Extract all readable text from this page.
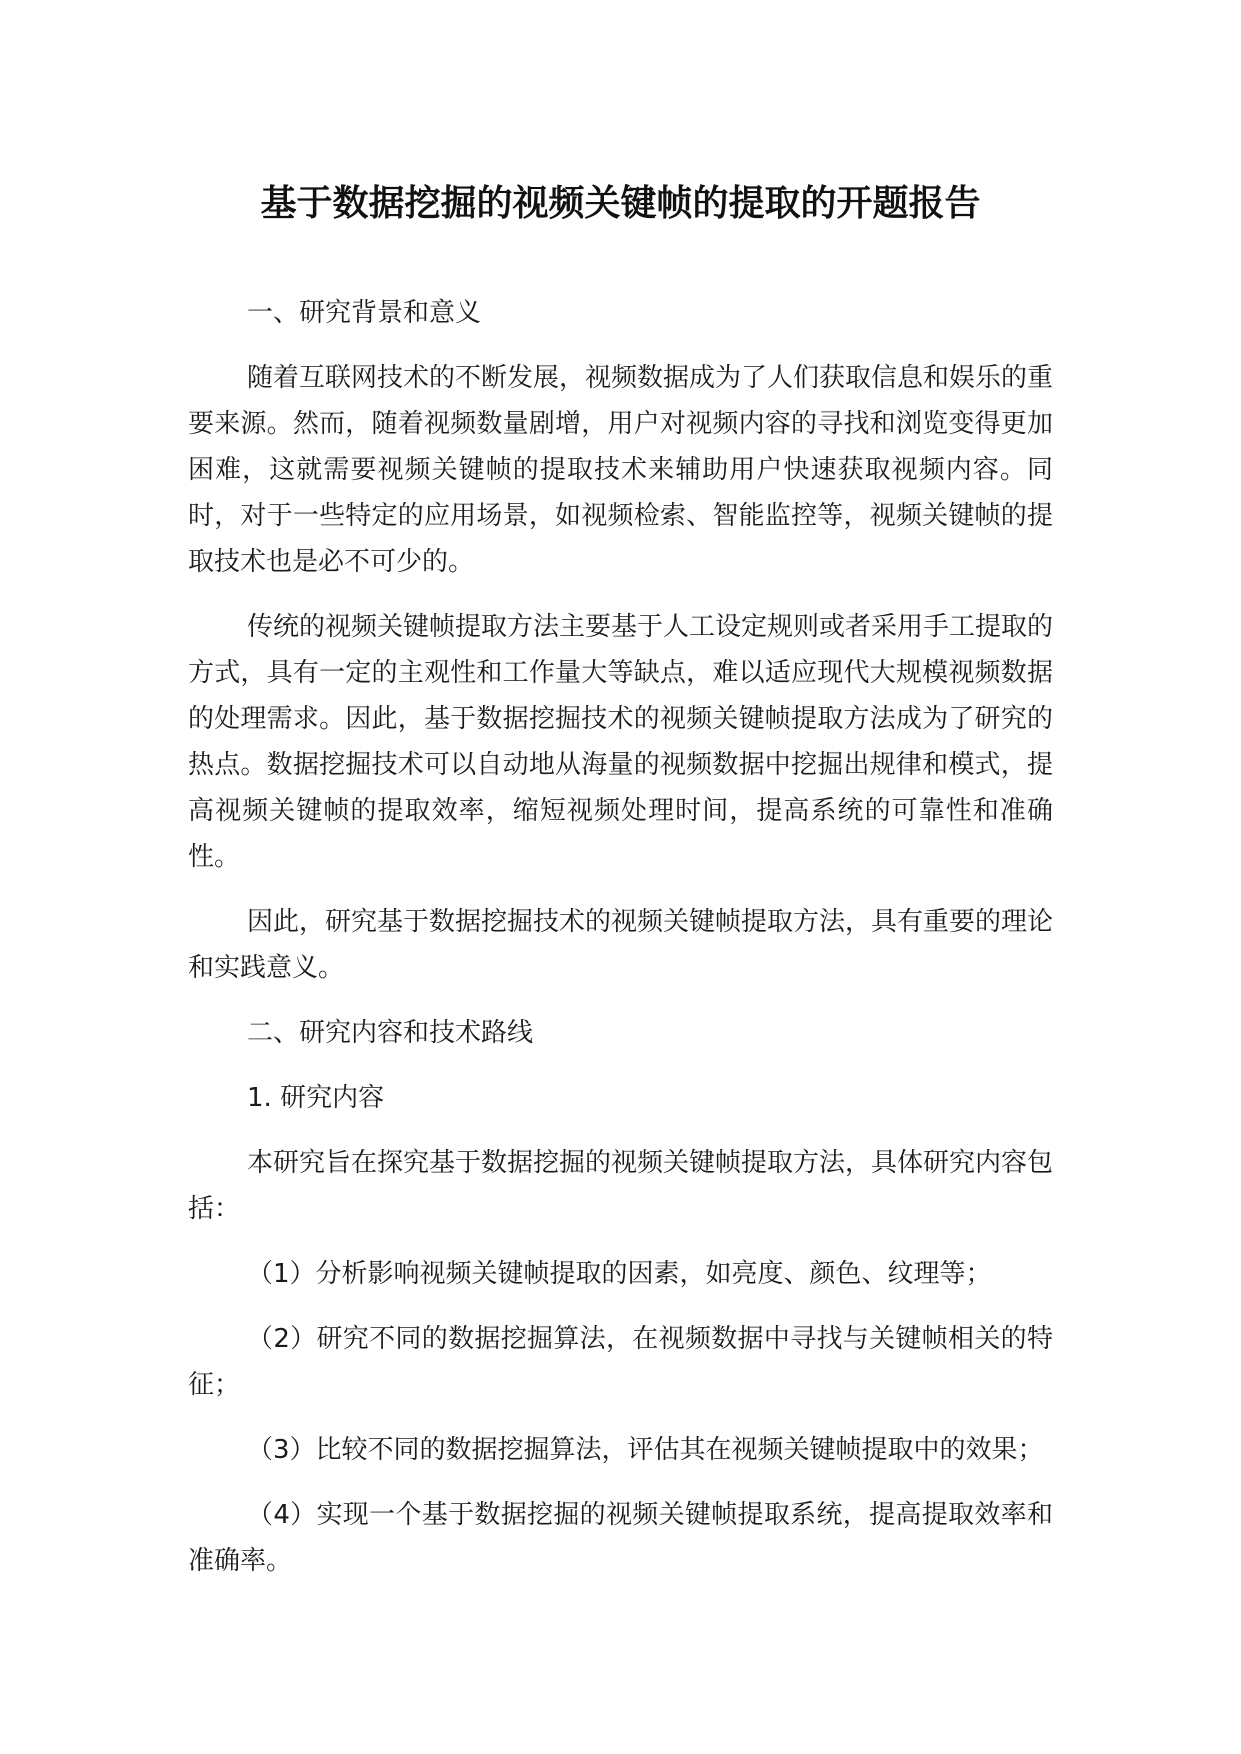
基于数据挖掘的视频关键帧的提取的开题报告

一、研究背景和意义

随着互联网技术的不断发展，视频数据成为了人们获取信息和娱乐的重要来源。然而，随着视频数量剧增，用户对视频内容的寻找和浏览变得更加困难，这就需要视频关键帧的提取技术来辅助用户快速获取视频内容。同时，对于一些特定的应用场景，如视频检索、智能监控等，视频关键帧的提取技术也是必不可少的。

传统的视频关键帧提取方法主要基于人工设定规则或者采用手工提取的方式，具有一定的主观性和工作量大等缺点，难以适应现代大规模视频数据的处理需求。因此，基于数据挖掘技术的视频关键帧提取方法成为了研究的热点。数据挖掘技术可以自动地从海量的视频数据中挖掘出规律和模式，提高视频关键帧的提取效率，缩短视频处理时间，提高系统的可靠性和准确性。

因此，研究基于数据挖掘技术的视频关键帧提取方法，具有重要的理论和实践意义。

二、研究内容和技术路线

1. 研究内容

本研究旨在探究基于数据挖掘的视频关键帧提取方法，具体研究内容包括：

（1）分析影响视频关键帧提取的因素，如亮度、颜色、纹理等；

（2）研究不同的数据挖掘算法，在视频数据中寻找与关键帧相关的特征；

（3）比较不同的数据挖掘算法，评估其在视频关键帧提取中的效果；

（4）实现一个基于数据挖掘的视频关键帧提取系统，提高提取效率和准确率。
